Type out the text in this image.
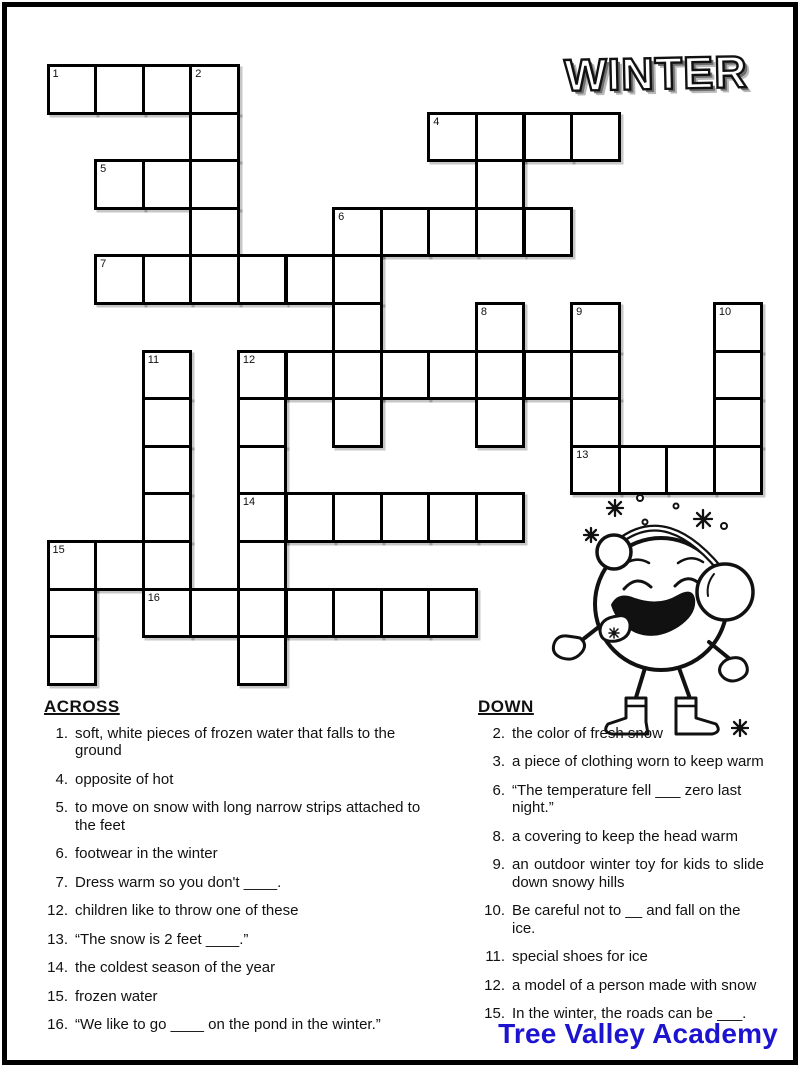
WINTER
1	2
4
5
6
7
8	9	10
11	12
13
14
15
16
ACROSS
1. soft, white pieces of frozen water that falls to the ground
4. opposite of hot
5. to move on snow with long narrow strips attached to
the feet
6. footwear in the winter
7. Dress warm so you don't ____.
12. children like to throw one of these
13. “The snow is 2 feet ____.”
14. the coldest season of the year
15. frozen water
16. “We like to go ____ on the pond in the winter.”
DOWN
2. the color of fresh snow
3. a piece of clothing worn to keep warm
6. “The temperature fell ___ zero last night.”
8. a covering to keep the head warm
9. an outdoor winter toy for kids to slide down snowy hills
10. Be careful not to __ and fall on the ice.
11. special shoes for ice
12. a model of a person made with snow
15. In the winter, the roads can be ___.
Tree Valley Academy
